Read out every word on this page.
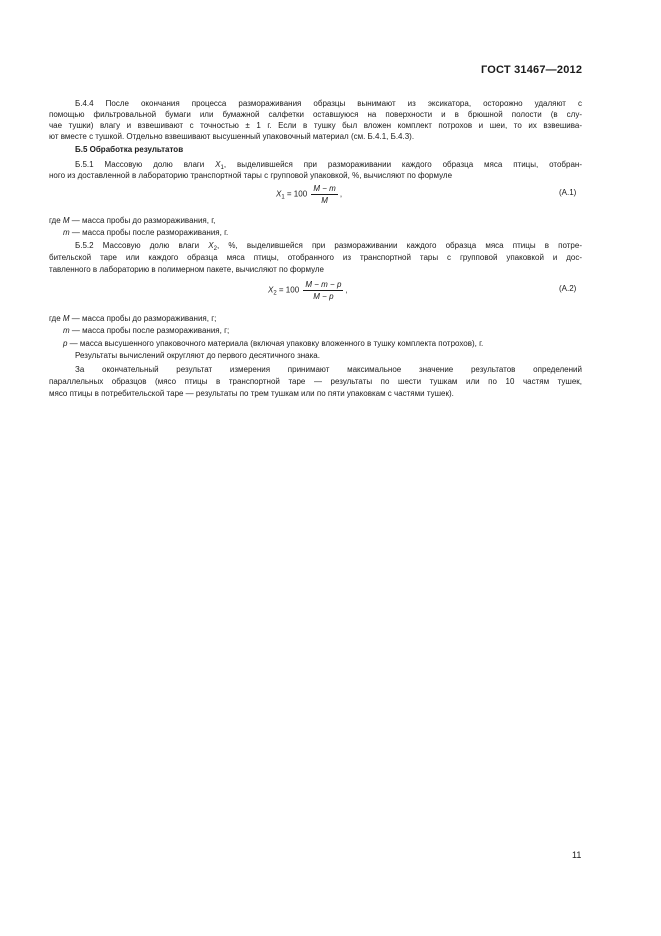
ГОСТ 31467—2012
Б.4.4 После окончания процесса размораживания образцы вынимают из эксикатора, осторожно удаляют с
помощью фильтровальной бумаги или бумажной салфетки оставшуюся на поверхности и в брюшной полости (в слу-
чае тушки) влагу и взвешивают с точностью ± 1 г. Если в тушку был вложен комплект потрохов и шеи, то их взвешива-
ют вместе с тушкой. Отдельно взвешивают высушенный упаковочный материал (см. Б.4.1, Б.4.3).
Б.5 Обработка результатов
Б.5.1 Массовую долю влаги $X_1$, выделившейся при размораживании каждого образца мяса птицы, отобран-
ного из доставленной в лабораторию транспортной тары с групповой упаковкой, %, вычисляют по формуле
$X_1 = 100 \frac{M - m}{M}$ ,	(А.1)
где M — масса пробы до размораживания, г,
m — масса пробы после размораживания, г.
Б.5.2 Массовую долю влаги $X_2$, %, выделившейся при размораживании каждого образца мяса птицы в потре-
бительской таре или каждого образца мяса птицы, отобранного из транспортной тары с групповой упаковкой и дос-
тавленного в лабораторию в полимерном пакете, вычисляют по формуле
$X_2 = 100 \frac{M - m - p}{M - p}$ ,	(А.2)
где M — масса пробы до размораживания, г;
m — масса пробы после размораживания, г;
p — масса высушенного упаковочного материала (включая упаковку вложенного в тушку комплекта потрохов), г.
Результаты вычислений округляют до первого десятичного знака.
За окончательный результат измерения принимают максимальное значение результатов определений
параллельных образцов (мясо птицы в транспортной таре — результаты по шести тушкам или по 10 частям тушек,
мясо птицы в потребительской таре — результаты по трем тушкам или по пяти упаковкам с частями тушек).
11
